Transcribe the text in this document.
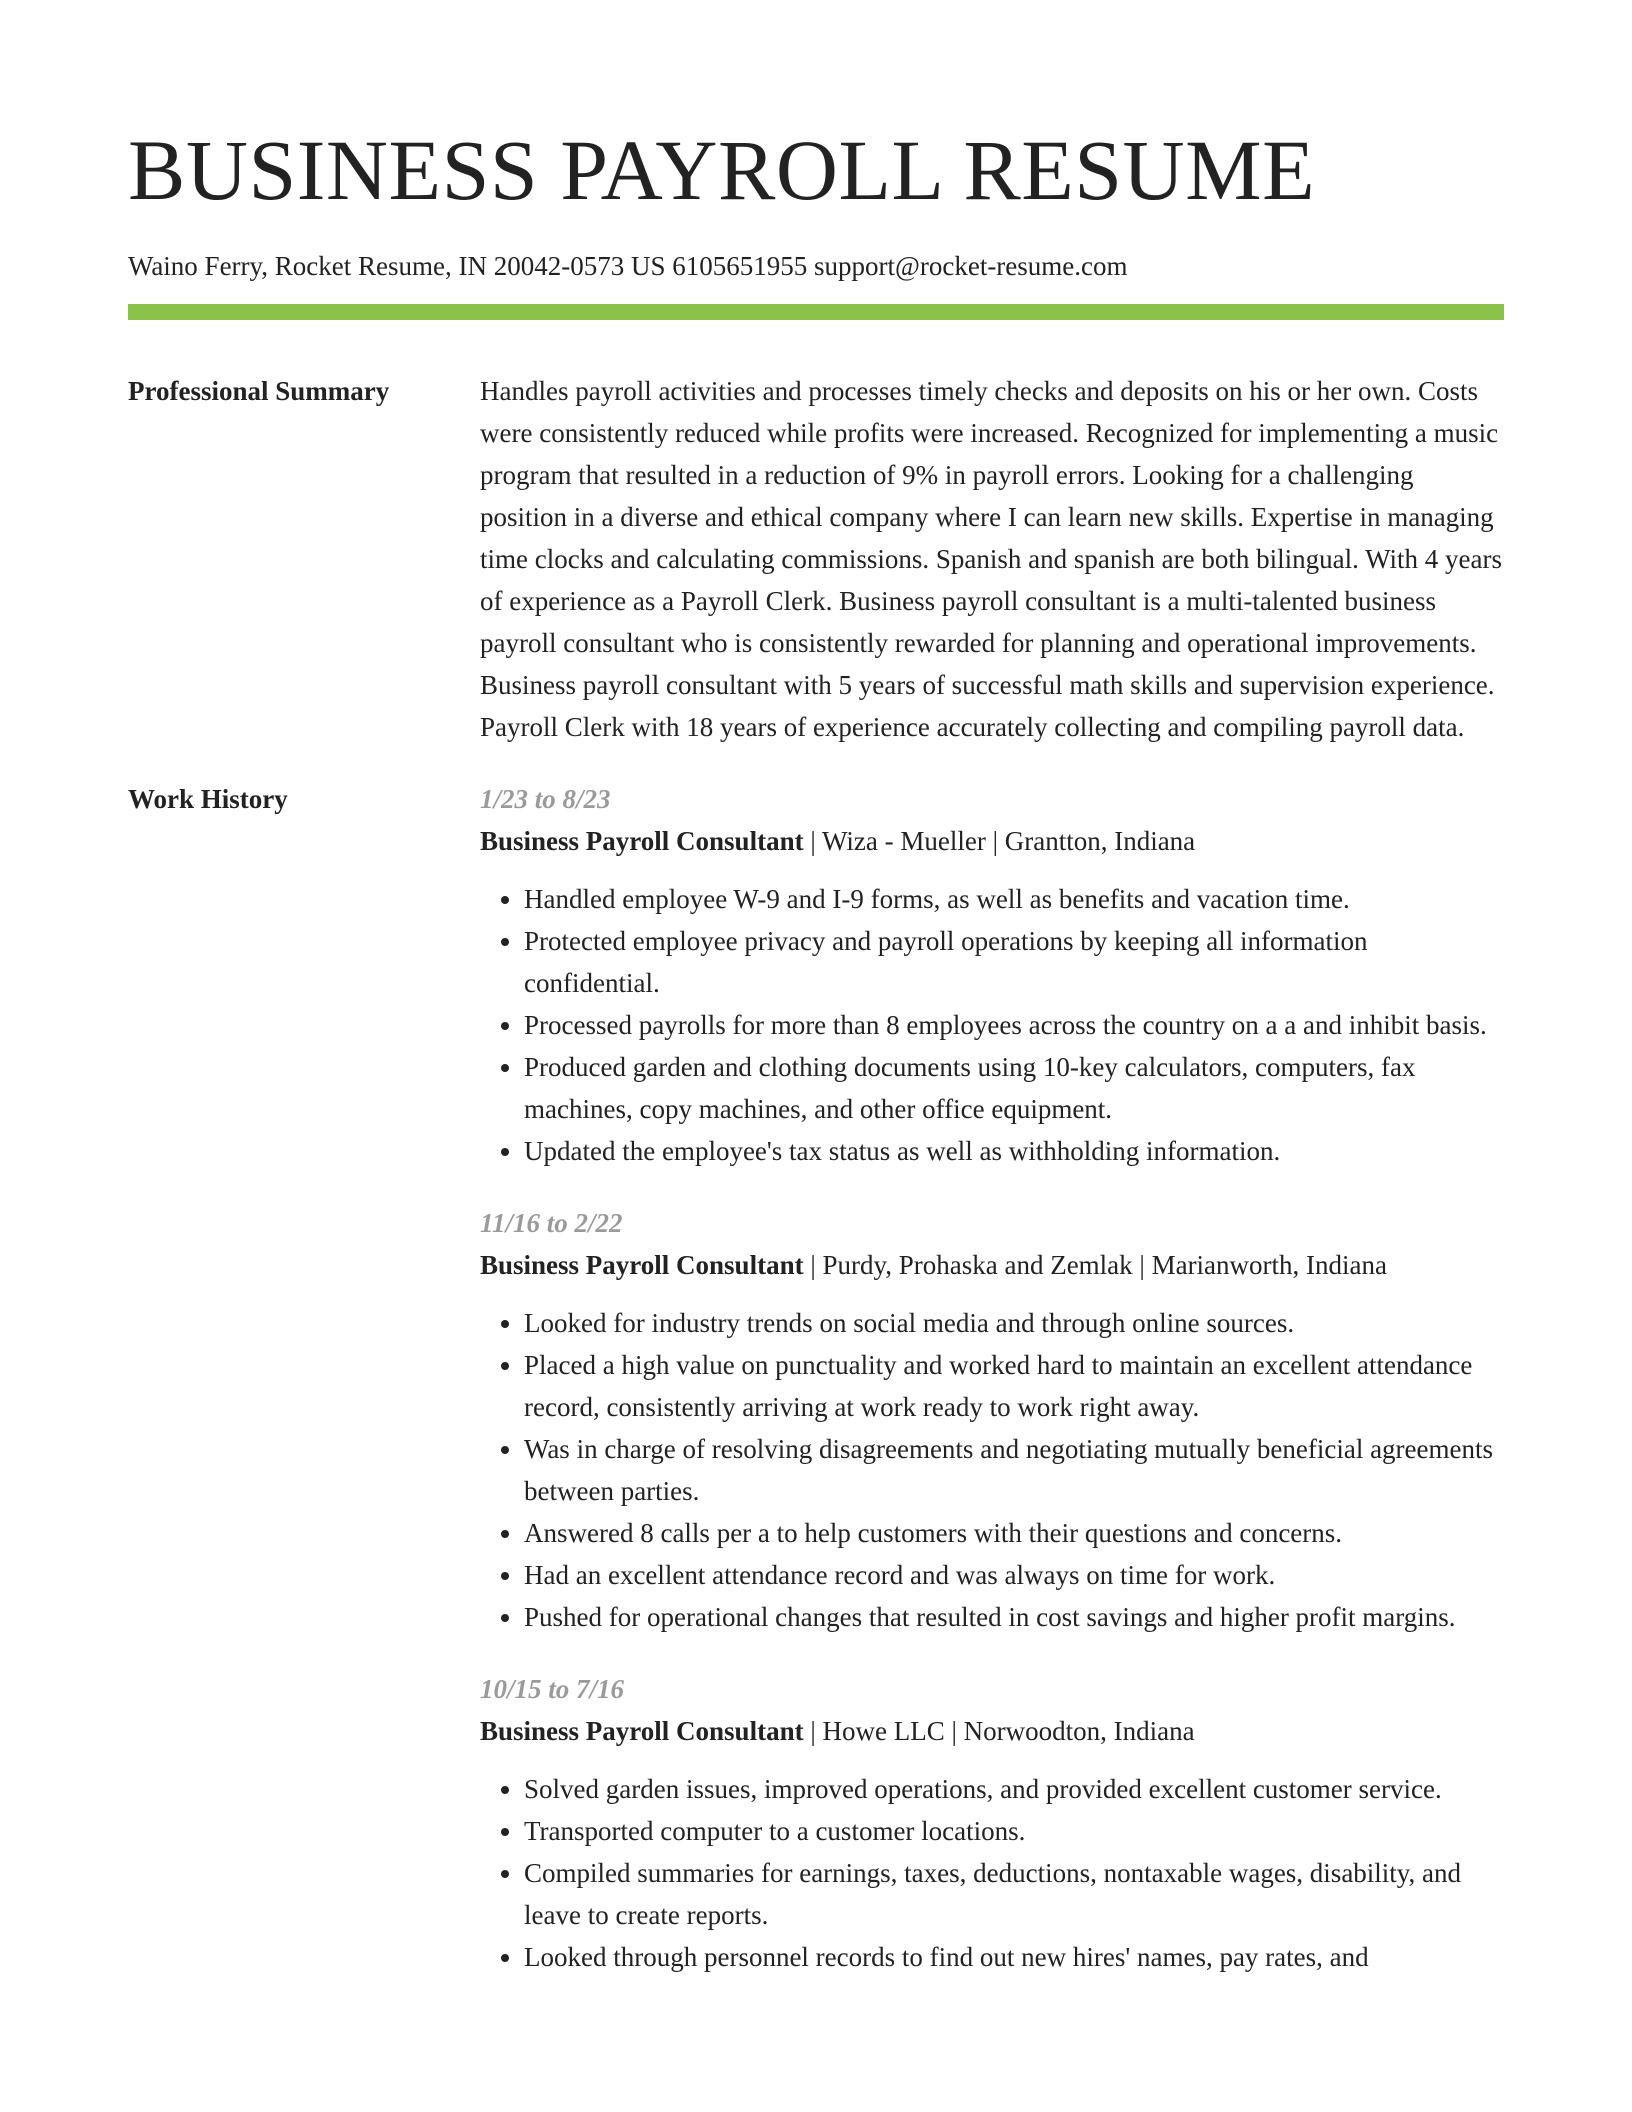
BUSINESS PAYROLL RESUME
Waino Ferry, Rocket Resume, IN 20042-0573 US 6105651955 support@rocket-resume.com
Professional Summary	Handles payroll activities and processes timely checks and deposits on his or her own. Costs were consistently reduced while profits were increased. Recognized for implementing a music program that resulted in a reduction of 9% in payroll errors. Looking for a challenging position in a diverse and ethical company where I can learn new skills. Expertise in managing time clocks and calculating commissions. Spanish and spanish are both bilingual. With 4 years of experience as a Payroll Clerk. Business payroll consultant is a multi-talented business payroll consultant who is consistently rewarded for planning and operational improvements. Business payroll consultant with 5 years of successful math skills and supervision experience. Payroll Clerk with 18 years of experience accurately collecting and compiling payroll data.

Work History	1/23 to 8/23
Business Payroll Consultant | Wiza - Mueller | Grantton, Indiana
• Handled employee W-9 and I-9 forms, as well as benefits and vacation time.
• Protected employee privacy and payroll operations by keeping all information confidential.
• Processed payrolls for more than 8 employees across the country on a a and inhibit basis.
• Produced garden and clothing documents using 10-key calculators, computers, fax machines, copy machines, and other office equipment.
• Updated the employee's tax status as well as withholding information.
11/16 to 2/22
Business Payroll Consultant | Purdy, Prohaska and Zemlak | Marianworth, Indiana
• Looked for industry trends on social media and through online sources.
• Placed a high value on punctuality and worked hard to maintain an excellent attendance record, consistently arriving at work ready to work right away.
• Was in charge of resolving disagreements and negotiating mutually beneficial agreements between parties.
• Answered 8 calls per a to help customers with their questions and concerns.
• Had an excellent attendance record and was always on time for work.
• Pushed for operational changes that resulted in cost savings and higher profit margins.
10/15 to 7/16
Business Payroll Consultant | Howe LLC | Norwoodton, Indiana
• Solved garden issues, improved operations, and provided excellent customer service.
• Transported computer to a customer locations.
• Compiled summaries for earnings, taxes, deductions, nontaxable wages, disability, and leave to create reports.
• Looked through personnel records to find out new hires' names, pay rates, and
